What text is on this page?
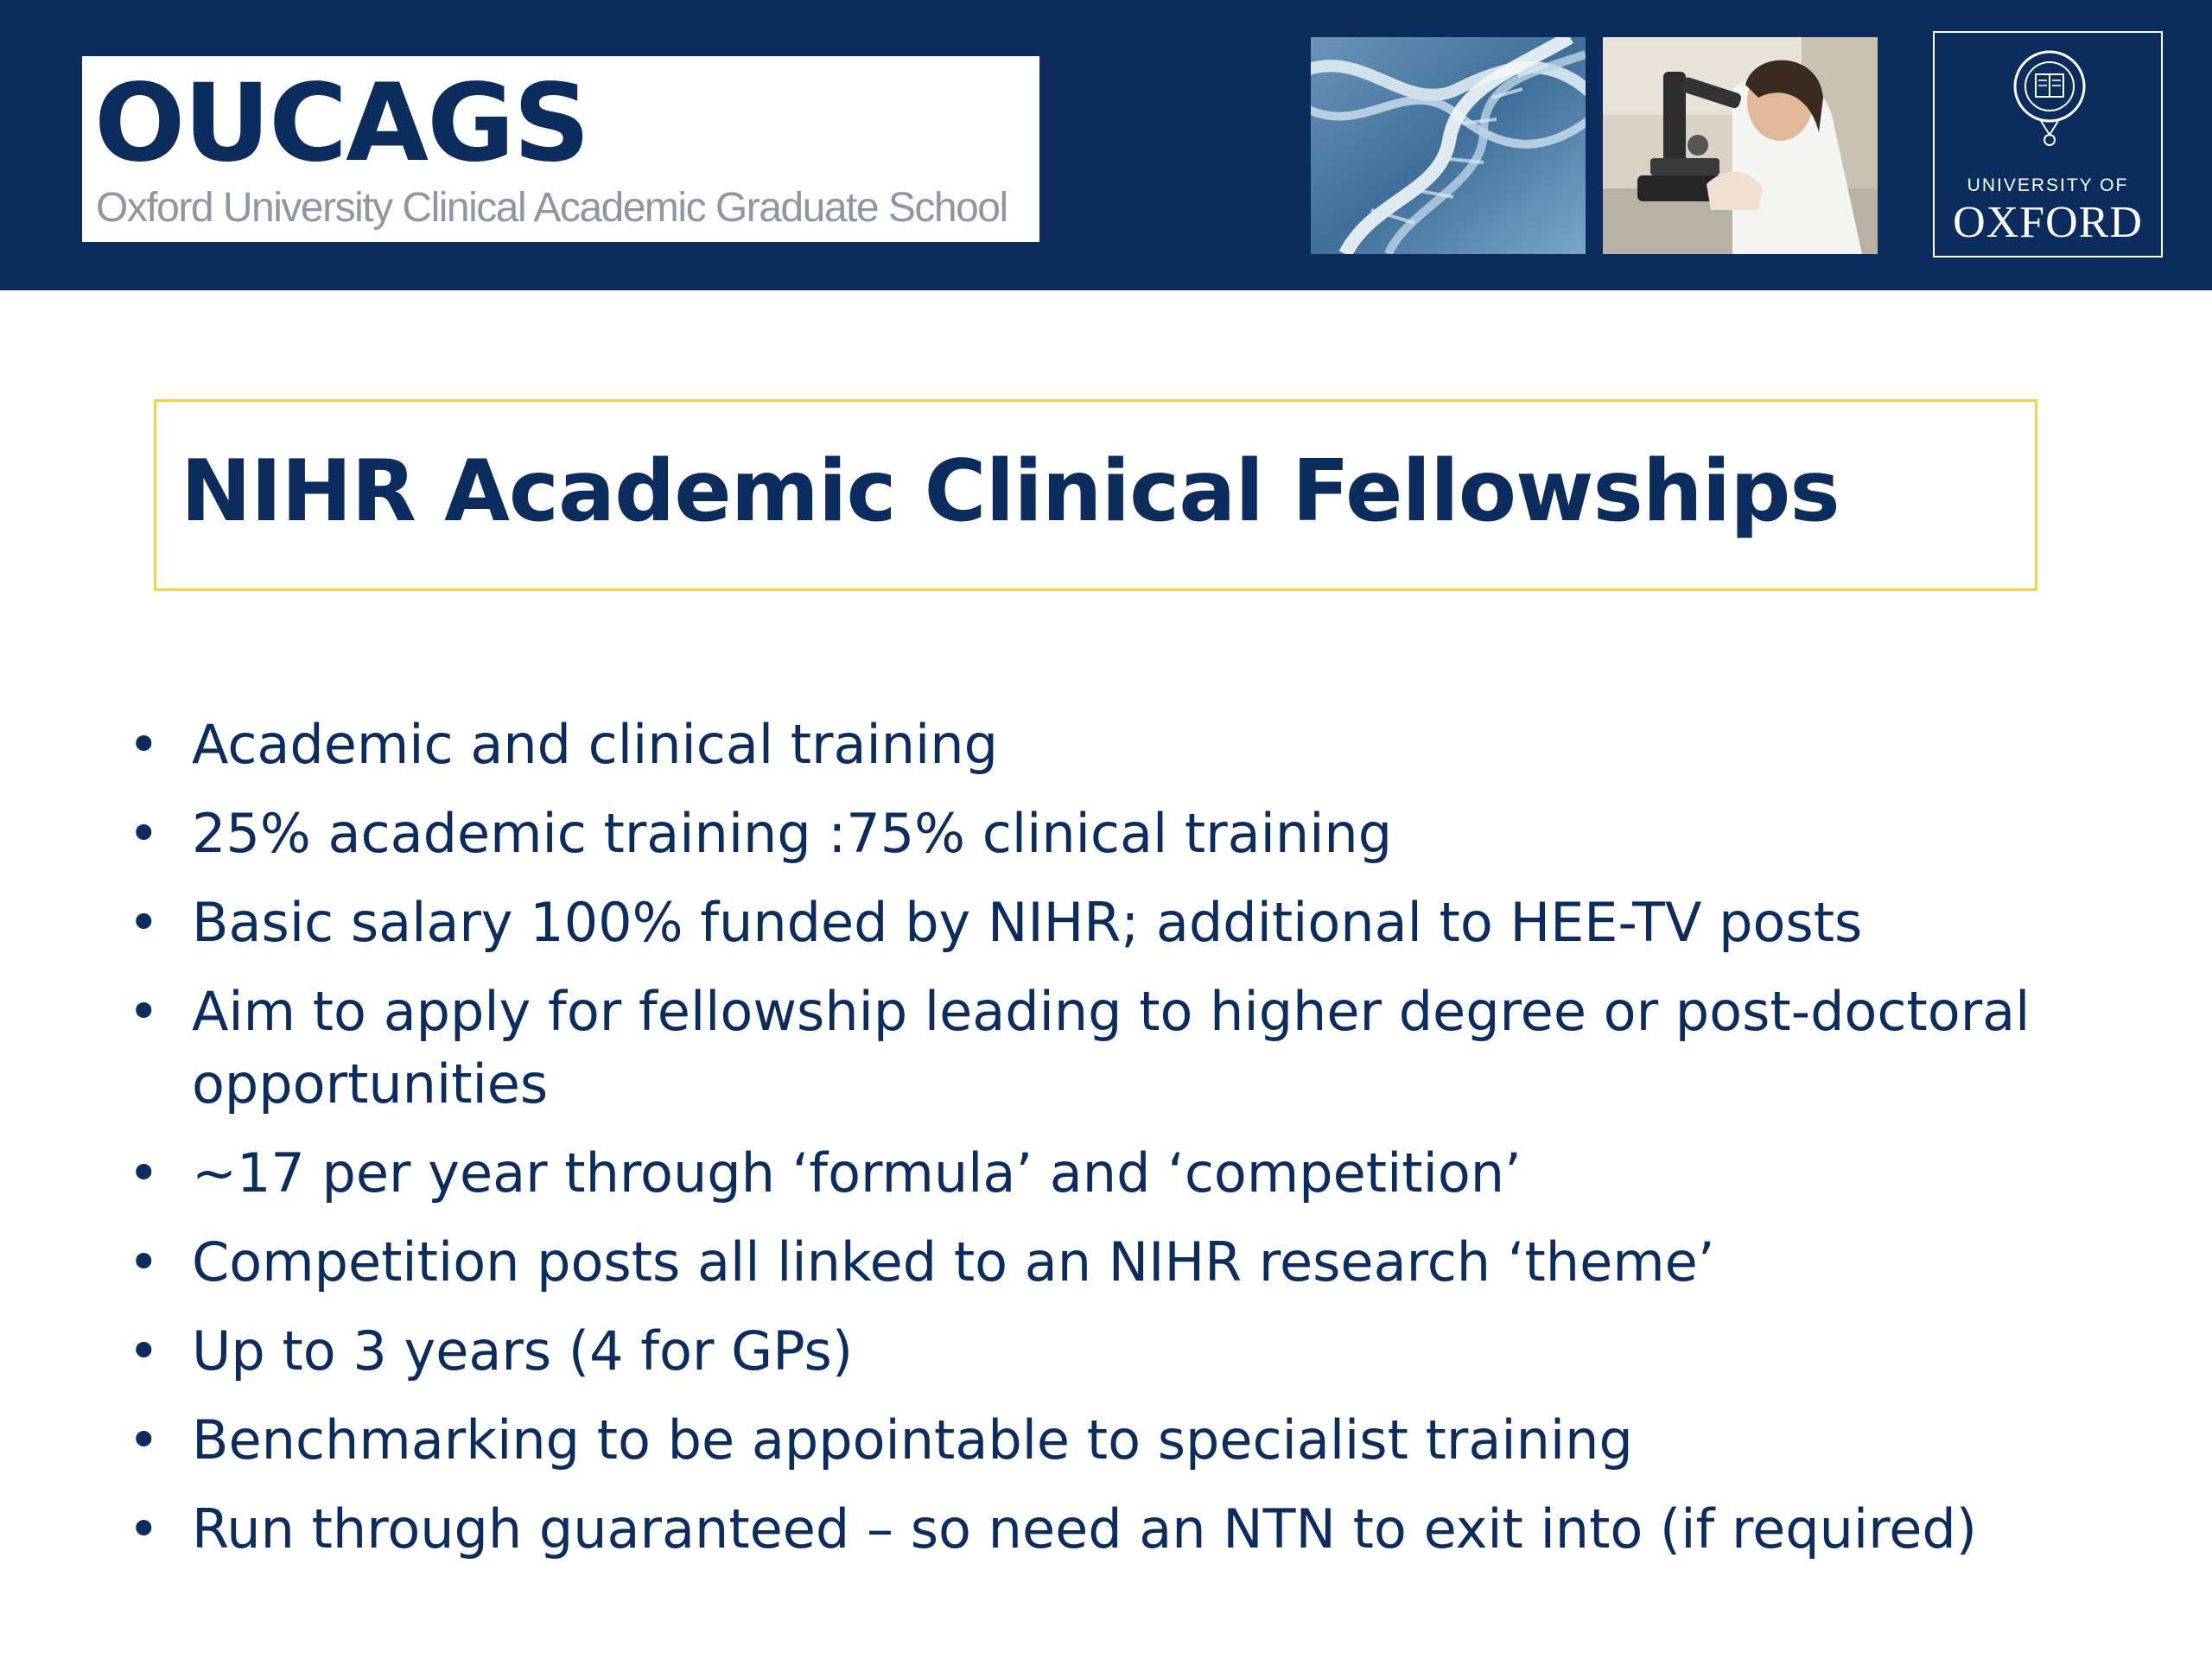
OUCAGS
Oxford University Clinical Academic Graduate School	UNIVERSITY OF
OXFORD
NIHR Academic Clinical Fellowships
• Academic and clinical training
• 25% academic training :75% clinical training
• Basic salary 100% funded by NIHR; additional to HEE-TV posts
• Aim to apply for fellowship leading to higher degree or post-doctoral opportunities
• ~17 per year through ‘formula’ and ‘competition’
• Competition posts all linked to an NIHR research ‘theme’
• Up to 3 years (4 for GPs)
• Benchmarking to be appointable to specialist training
• Run through guaranteed – so need an NTN to exit into (if required)
